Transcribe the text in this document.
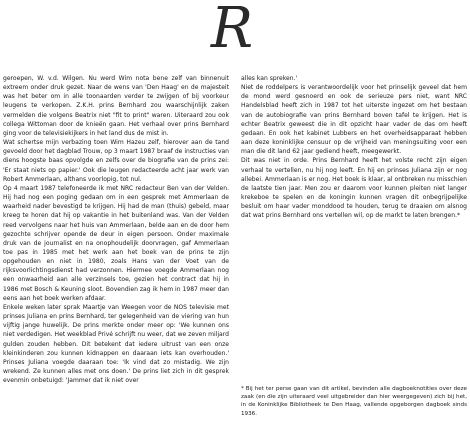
R

geroepen, W. v.d. Wilgen. Nu werd Wim nota bene zelf van binnenuit extreem onder druk gezet. Naar de wens van 'Den Haag' en de majesteit was het beter om in alle toonaarden verder te zwijgen of bij voorkeur leugens te verkopen. Z.K.H. prins Bernhard zou waarschijnlijk zaken vermelden die volgens Beatrix niet "fit to print" waren. Uiteraard zou ook collega Wittoman door de knieën gaan. Het verhaal over prins Bernhard ging voor de televisiekijkers in het land dus de mist in.

Wat schertse mijn verbazing toen Wim Hazeu zelf, hierover aan de tand gevoeld door het dagblad Trouw, op 3 maart 1987 braaf de instructies van diens hoogste baas opvolgde en zelfs over de biografie van de prins zei: 'Er staat niets op papier.' Ook die leugen redacteerde acht jaar werk van Robert Ammerlaan, althans voorlopig, tot nul.

Op 4 maart 1987 telefoneerde ik met NRC redacteur Ben van der Velden. Hij had nog een poging gedaan om in een gesprek met Ammerlaan de waarheid nader bevestigd te krijgen. Hij had de man (thuis) gebeld, maar kreeg te horen dat hij op vakantie in het buitenland was. Van der Velden reed vervolgens naar het huis van Ammerlaan, belde aan en de door hem gezochte schrijver opende de deur in eigen persoon. Onder maximale druk van de journalist en na onophoudelijk doorvragen, gaf Ammerlaan toe pas in 1985 met het werk aan het boek van de prins te zijn opgehouden en niet in 1980, zoals Hans van der Voet van de rijksvoorlichtingsdienst had verzonnen. Hiermee voegde Ammerlaan nog een onwaarheid aan alle verzinsels toe, gezien het contract dat hij in 1986 met Bosch & Keuning sloot. Bovendien zag ik hem in 1987 meer dan eens aan het boek werken afdaar.

Enkele weken later sprak Maartje van Weegen voor de NOS televisie met prinses Juliana en prins Bernhard, ter gelegenheid van de viering van hun vijftig jange huwelijk. De prins merkte onder meer op: 'We kunnen ons niet verdedigen. Het weekblad Privé schrijft nu weer, dat we zeven miljard gulden zouden hebben. Dit betekent dat iedere uitrust van een onze kleinkinderen zou kunnen kidnappen en daaraan iets kan overhouden.' Prinses Juliana voegde daaraan toe: 'Ik vind dat zo mistadig. We zijn wrekend. Ze kunnen alles met ons doen.' De prins liet zich in dit gesprek evenmin onbetuigd: 'Jammer dat ik niet over

alles kan spreken.'

Niet de roddelpers is verantwoordelijk voor het prinselijk geveel dat hem de mond werd gesnoerd en ook de serieuze pers niet, want NRC Handelsblad heeft zich in 1987 tot het uiterste ingezet om het bestaan van de autobiografie van prins Bernhard boven tafel te krijgen. Het is echter Beatrix geweest die in dit opzicht haar vader de das om heeft gedaan. En ook het kabinet Lubbers en het overheidsapparaat hebben aan deze koninklijke censuur op de vrijheid van meningsuiting voor een man die dit land 62 jaar gediend heeft, meegewerkt.

Dit was niet in orde. Prins Bernhard heeft het volste recht zijn eigen verhaal te vertellen, nu hij nog leeft. En hij en prinses Juliana zijn er nog allebei. Ammerlaan is er nog. Het boek is klaar, al ontbreken nu misschien de laatste tien jaar. Men zou er daarom voor kunnen pleiten niet langer krekeboe te spelen en de koningin kunnen vragen dit onbegrijpelijke besluit om haar vader monddood te houden, terug te draaien om alsnog dat wat prins Bernhard ons vertellen wil, op de markt te laten brengen.*

* Bij het ter perse gaan van dit artikel, bevinden alle dagboeknotities over deze zaak (en die zijn uiteraard veel uitgebreider dan hier weergegeven) zich bij het, in de Koninklijke Bibliotheek te Den Haag, vallende opgeborgen dagboek sinds 1936.
